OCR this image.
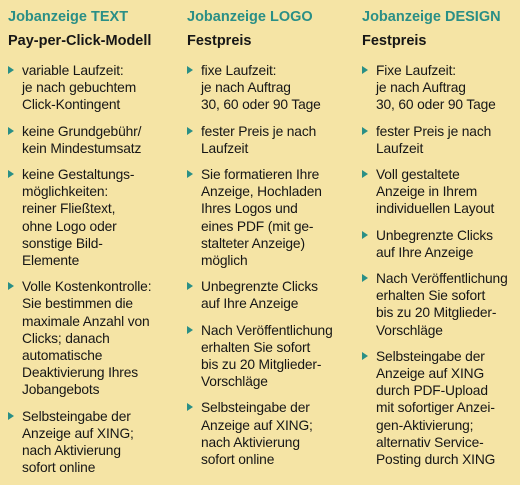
Jobanzeige TEXT
Pay-per-Click-Modell
variable Laufzeit:
je nach gebuchtem
Click-Kontingent
keine Grundgebühr/
kein Mindestumsatz
keine Gestaltungs-
möglichkeiten:
reiner Fließtext,
ohne Logo oder
sonstige Bild-
Elemente
Volle Kostenkontrolle:
Sie bestimmen die
maximale Anzahl von
Clicks; danach
automatische
Deaktivierung Ihres
Jobangebots
Selbsteingabe der
Anzeige auf XING;
nach Aktivierung
sofort online
Jobanzeige LOGO
Festpreis
fixe Laufzeit:
je nach Auftrag
30, 60 oder 90 Tage
fester Preis je nach
Laufzeit
Sie formatieren Ihre
Anzeige, Hochladen
Ihres Logos und
eines PDF (mit ge-
stalteter Anzeige)
möglich
Unbegrenzte Clicks
auf Ihre Anzeige
Nach Veröffentlichung
erhalten Sie sofort
bis zu 20 Mitglieder-
Vorschläge
Selbsteingabe der
Anzeige auf XING;
nach Aktivierung
sofort online
Jobanzeige DESIGN
Festpreis
Fixe Laufzeit:
je nach Auftrag
30, 60 oder 90 Tage
fester Preis je nach
Laufzeit
Voll gestaltete
Anzeige in Ihrem
individuellen Layout
Unbegrenzte Clicks
auf Ihre Anzeige
Nach Veröffentlichung
erhalten Sie sofort
bis zu 20 Mitglieder-
Vorschläge
Selbsteingabe der
Anzeige auf XING
durch PDF-Upload
mit sofortiger Anzei-
gen-Aktivierung;
alternativ Service-
Posting durch XING
